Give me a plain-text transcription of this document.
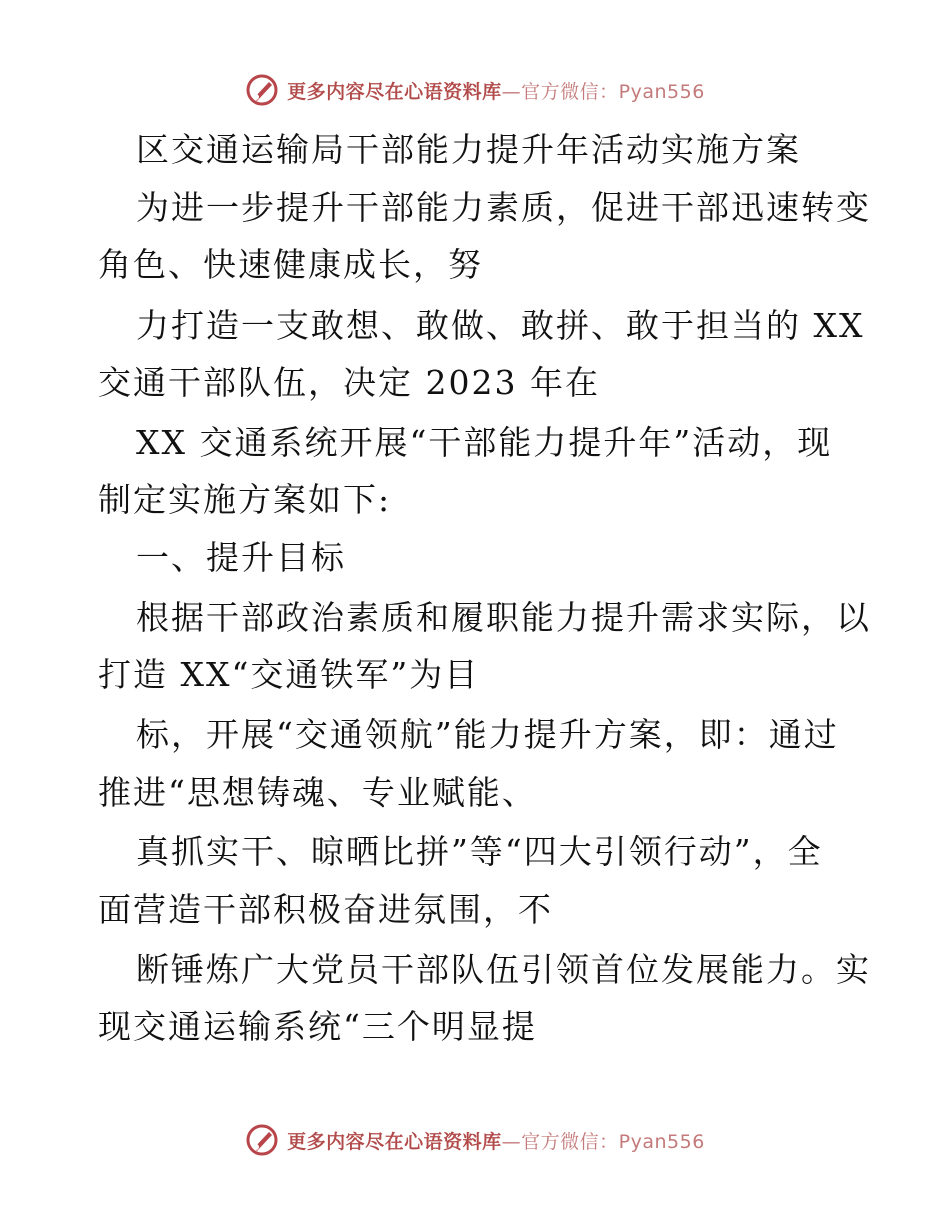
更多内容尽在心语资料库—官方微信：Pyan556
区交通运输局干部能力提升年活动实施方案
为进一步提升干部能力素质，促进干部迅速转变
角色、快速健康成长，努
力打造一支敢想、敢做、敢拼、敢于担当的 XX
交通干部队伍，决定 2023 年在
XX 交通系统开展“干部能力提升年”活动，现
制定实施方案如下:
一、提升目标
根据干部政治素质和履职能力提升需求实际，以
打造 XX“交通铁军”为目
标，开展“交通领航”能力提升方案，即：通过
推进“思想铸魂、专业赋能、
真抓实干、晾晒比拼”等“四大引领行动”，全
面营造干部积极奋进氛围，不
断锤炼广大党员干部队伍引领首位发展能力。实
现交通运输系统“三个明显提
更多内容尽在心语资料库—官方微信：Pyan556
